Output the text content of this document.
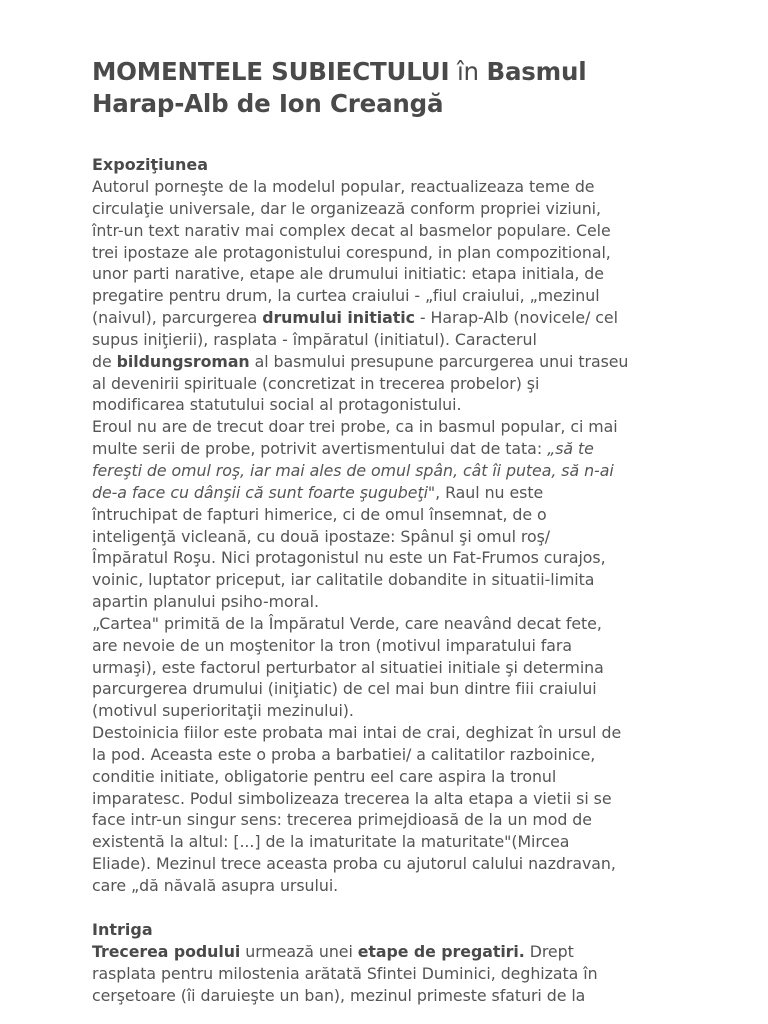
MOMENTELE SUBIECTULUI în Basmul
Harap-Alb de Ion Creangă
Expoziţiunea
Autorul porneşte de la modelul popular, reactualizeaza teme de
circulaţie universale, dar le organizează conform propriei viziuni,
într-un text narativ mai complex decat al basmelor populare. Cele
trei ipostaze ale protagonistului corespund, in plan compozitional,
unor parti narative, etape ale drumului initiatic: etapa initiala, de
pregatire pentru drum, la curtea craiului - „fiul craiului, „mezinul
(naivul), parcurgerea drumului initiatic - Harap-Alb (novicele/ cel
supus iniţierii), rasplata - împăratul (initiatul). Caracterul
de bildungsroman al basmului presupune parcurgerea unui traseu
al devenirii spirituale (concretizat in trecerea probelor) şi
modificarea statutului social al protagonistului.
Eroul nu are de trecut doar trei probe, ca in basmul popular, ci mai
multe serii de probe, potrivit avertismentului dat de tata: „să te
fereşti de omul roş, iar mai ales de omul spân, cât îi putea, să n-ai
de-a face cu dânşii că sunt foarte şugubeţi", Raul nu este
întruchipat de fapturi himerice, ci de omul însemnat, de o
inteligenţă vicleană, cu două ipostaze: Spânul şi omul roş/
Împăratul Roşu. Nici protagonistul nu este un Fat-Frumos curajos,
voinic, luptator priceput, iar calitatile dobandite in situatii-limita
apartin planului psiho-moral.
„Cartea" primită de la Împăratul Verde, care neavând decat fete,
are nevoie de un moştenitor la tron (motivul imparatului fara
urmaşi), este factorul perturbator al situatiei initiale şi determina
parcurgerea drumului (iniţiatic) de cel mai bun dintre fiii craiului
(motivul superioritaţii mezinului).
Destoinicia fiilor este probata mai intai de crai, deghizat în ursul de
la pod. Aceasta este o proba a barbatiei/ a calitatilor razboinice,
conditie initiate, obligatorie pentru eel care aspira la tronul
imparatesc. Podul simbolizeaza trecerea la alta etapa a vietii si se
face intr-un singur sens: trecerea primejdioasă de la un mod de
existentă la altul: [...] de la imaturitate la maturitate"(Mircea
Eliade). Mezinul trece aceasta proba cu ajutorul calului nazdravan,
care „dă năvală asupra ursului.
Intriga
Trecerea podului urmează unei etape de pregatiri. Drept
rasplata pentru milostenia arătată Sfintei Duminici, deghizata în
cerşetoare (îi daruieşte un ban), mezinul primeste sfaturi de la
